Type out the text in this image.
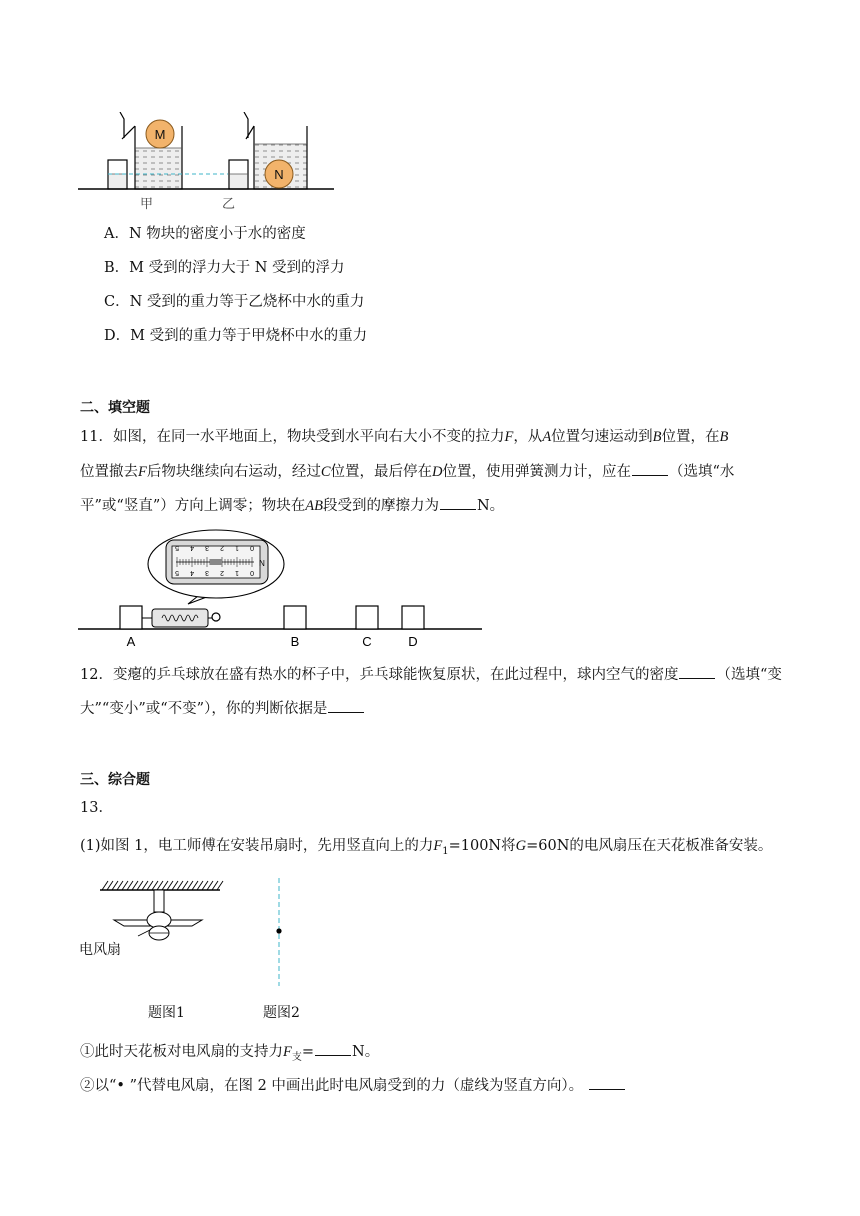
M
N
甲	乙
A．N 物块的密度小于水的密度
B．M 受到的浮力大于 N 受到的浮力
C．N 受到的重力等于乙烧杯中水的重力
D．M 受到的重力等于甲烧杯中水的重力
二、填空题
11．如图，在同一水平地面上，物块受到水平向右大小不变的拉力F，从A位置匀速运动到B位置，在B
位置撤去F后物块继续向右运动，经过C位置，最后停在D位置，使用弹簧测力计，应在	（选填“水
平”或“竖直”）方向上调零；物块在AB段受到的摩擦力为	N。
A	B	C	D
N
0
0
1
1
2
2
3
3
4
4
5
5
12．变瘪的乒乓球放在盛有热水的杯子中，乒乓球能恢复原状，在此过程中，球内空气的密度	（选填“变
大”“变小”或“不变”），你的判断依据是
三、综合题
13．
(1)如图 1，电工师傅在安装吊扇时，先用竖直向上的力$F_1=100N$将G=60N的电风扇压在天花板准备安装。
电风扇
题图1	题图2
①此时天花板对电风扇的支持力$F_支=$	N。
②以“• ”代替电风扇，在图 2 中画出此时电风扇受到的力（虚线为竖直方向）。
